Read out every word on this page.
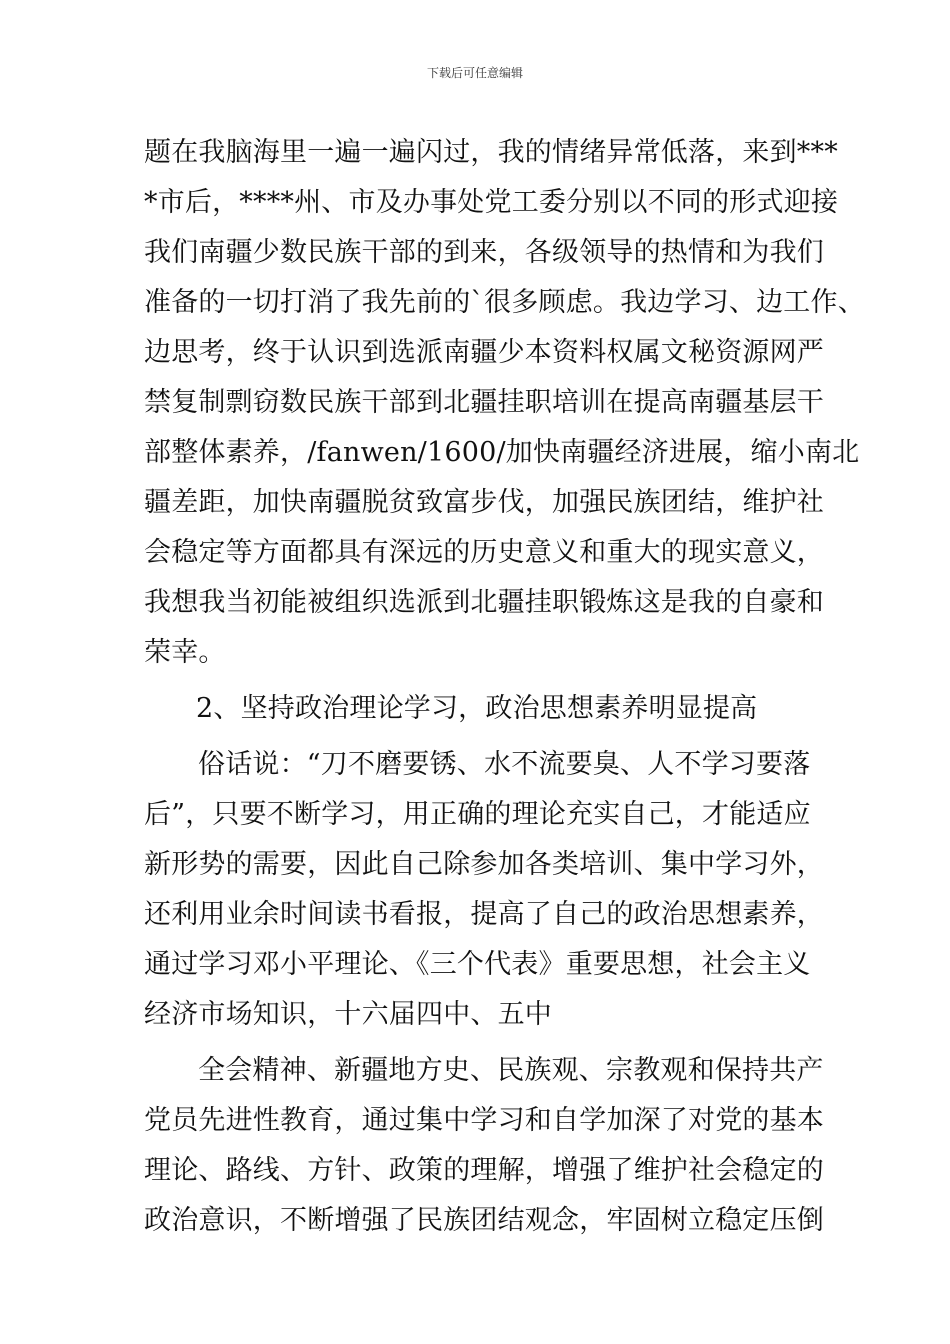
下载后可任意编辑
题在我脑海里一遍一遍闪过，我的情绪异常低落，来到***
*市后，****州、市及办事处党工委分别以不同的形式迎接
我们南疆少数民族干部的到来，各级领导的热情和为我们
准备的一切打消了我先前的`很多顾虑。我边学习、边工作、
边思考，终于认识到选派南疆少本资料权属文秘资源网严
禁复制剽窃数民族干部到北疆挂职培训在提高南疆基层干
部整体素养，/fanwen/1600/加快南疆经济进展，缩小南北
疆差距，加快南疆脱贫致富步伐，加强民族团结，维护社
会稳定等方面都具有深远的历史意义和重大的现实意义，
我想我当初能被组织选派到北疆挂职锻炼这是我的自豪和
荣幸。
2、坚持政治理论学习，政治思想素养明显提高
俗话说：“刀不磨要锈、水不流要臭、人不学习要落
后”，只要不断学习，用正确的理论充实自己，才能适应
新形势的需要，因此自己除参加各类培训、集中学习外，
还利用业余时间读书看报，提高了自己的政治思想素养，
通过学习邓小平理论、《三个代表》重要思想，社会主义
经济市场知识，十六届四中、五中
全会精神、新疆地方史、民族观、宗教观和保持共产
党员先进性教育，通过集中学习和自学加深了对党的基本
理论、路线、方针、政策的理解，增强了维护社会稳定的
政治意识，不断增强了民族团结观念，牢固树立稳定压倒
